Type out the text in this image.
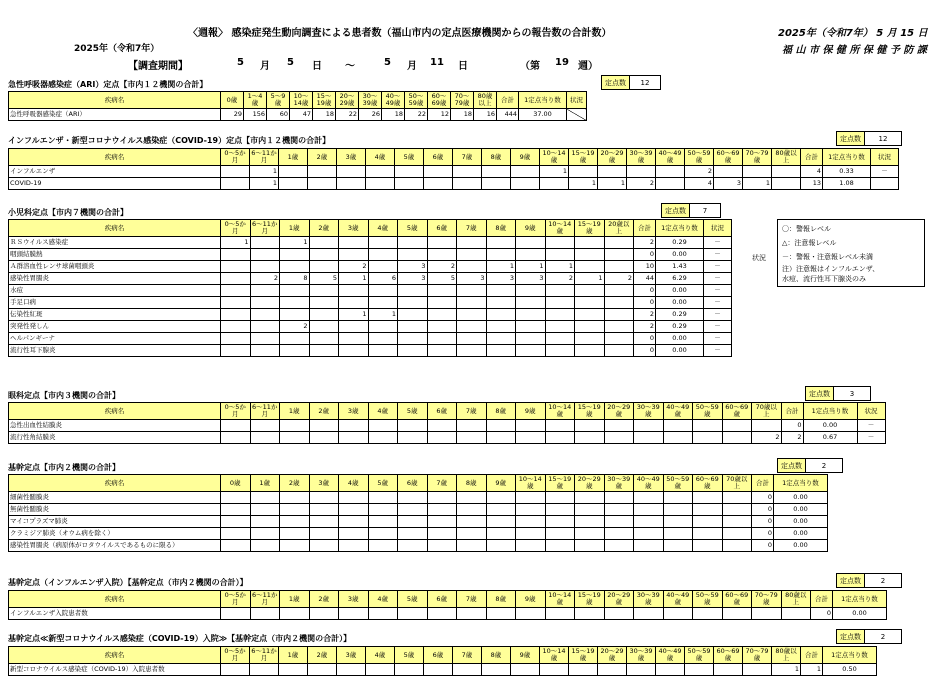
〈週報〉 感染症発生動向調査による患者数（福山市内の定点医療機関からの報告数の合計数）	2025年（令和7年） 5 月 15 日
2025年（令和7年）
【調査期間】	5 月 5 日 ～	5 月 11 日	（第 19 週）
福 山 市 保 健 所 保 健 予 防 課
急性呼吸器感染症（ARI）定点【市内１２機関の合計】	定点数	12
疾病名	0歳	1～4歳	5～9歳	10～14歳	15～19歳	20～29歳	30～39歳	40～49歳	50～59歳	60～69歳	70～79歳	80歳以上	合計	1定点当り数	状況
急性呼吸器感染症（ARI）	29	156	60	47	18	22	26	18	22	12	18	16	444	37.00	
インフルエンザ・新型コロナウイルス感染症（COVID-19）定点【市内１２機関の合計】	定点数	12
疾病名	0～5か月	6～11か月	1歳	2歳	3歳	4歳	5歳	6歳	7歳	8歳	9歳	10～14歳	15～19歳	20～29歳	30～39歳	40～49歳	50～59歳	60～69歳	70～79歳	80歳以上	合計	1定点当り数	状況
インフルエンザ		1										1					2				4	0.33	－
COVID-19		1											1	1	2		4	3	1		13	1.08	
小児科定点【市内７機関の合計】	定点数	7
疾病名	0～5か月	6～11か月	1歳	2歳	3歳	4歳	5歳	6歳	7歳	8歳	9歳	10～14歳	15～19歳	20歳以上	合計	1定点当り数	状況
ＲＳウイルス感染症	1		1												2	0.29	－
咽頭結膜熱															0	0.00	－
Ａ群溶血性レンサ球菌咽頭炎					2		3	2		1	1	1			10	1.43	－
感染性胃腸炎		2	8	5	1	6	3	5	3	3	3	2	1	2	44	6.29	－
水痘															0	0.00	－
手足口病															0	0.00	－
伝染性紅斑					1	1									2	0.29	－
突発性発しん			2												2	0.29	－
ヘルパンギーナ															0	0.00	－
流行性耳下腺炎															0	0.00	－
状況
〇：警報レベル
△：注意報レベル
－：警報・注意報レベル未満
注）注意報はインフルエンザ、
水痘、流行性耳下腺炎のみ
眼科定点【市内３機関の合計】	定点数	3
疾病名	0～5か月	6～11か月	1歳	2歳	3歳	4歳	5歳	6歳	7歳	8歳	9歳	10～14歳	15～19歳	20～29歳	30～39歳	40～49歳	50～59歳	60～69歳	70歳以上	合計	1定点当り数	状況
急性出血性結膜炎																				0	0.00	－
流行性角結膜炎																			2	2	0.67	－
基幹定点【市内２機関の合計】	定点数	2
疾病名	0歳	1歳	2歳	3歳	4歳	5歳	6歳	7歳	8歳	9歳	10～14歳	15～19歳	20～29歳	30～39歳	40～49歳	50～59歳	60～69歳	70歳以上	合計	1定点当り数
細菌性髄膜炎																			0	0.00
無菌性髄膜炎																			0	0.00
マイコプラズマ肺炎																			0	0.00
クラミジア肺炎（オウム病を除く）																			0	0.00
感染性胃腸炎（病原体がロタウイルスであるものに限る）																			0	0.00
基幹定点（インフルエンザ入院）【基幹定点（市内２機関の合計）】	定点数	2
疾病名	0～5か月	6～11か月	1歳	2歳	3歳	4歳	5歳	6歳	7歳	8歳	9歳	10～14歳	15～19歳	20～29歳	30～39歳	40～49歳	50～59歳	60～69歳	70～79歳	80歳以上	合計	1定点当り数
インフルエンザ入院患者数																					0	0.00
基幹定点≪新型コロナウイルス感染症（COVID-19）入院≫【基幹定点（市内２機関の合計）】	定点数	2
疾病名	0～5か月	6～11か月	1歳	2歳	3歳	4歳	5歳	6歳	7歳	8歳	9歳	10～14歳	15～19歳	20～29歳	30～39歳	40～49歳	50～59歳	60～69歳	70～79歳	80歳以上	合計	1定点当り数
新型コロナウイルス感染症（COVID-19）入院患者数																				1	1	0.50
